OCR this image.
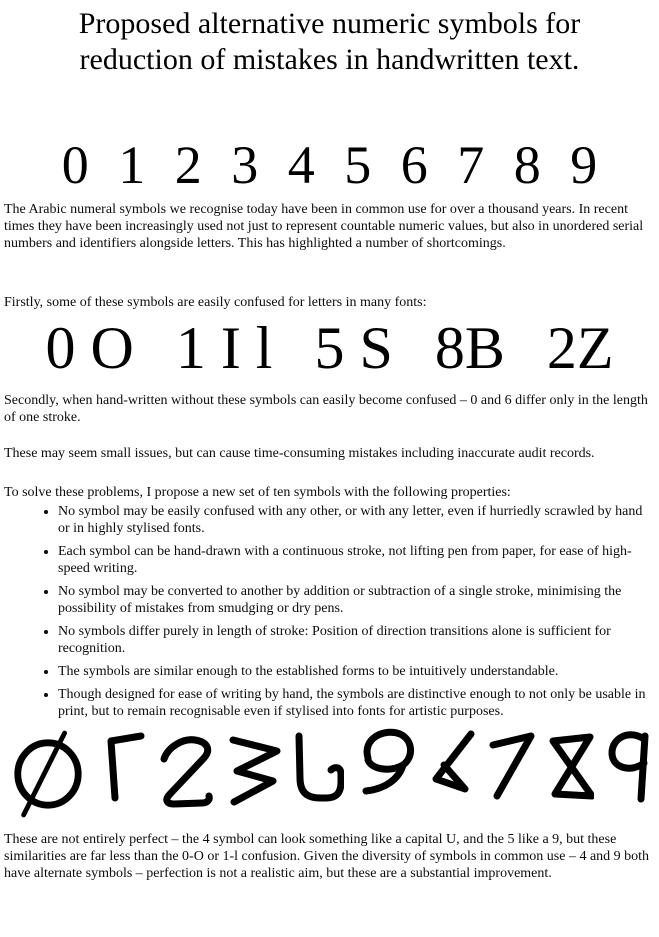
Proposed alternative numeric symbols for
reduction of mistakes in handwritten text.
0 1 2 3 4 5 6 7 8 9

The Arabic numeral symbols we recognise today have been in common use for over a thousand years. In recent times they have been increasingly used not just to represent countable numeric values, but also in unordered serial numbers and identifiers alongside letters. This has highlighted a number of shortcomings.

Firstly, some of these symbols are easily confused for letters in many fonts:

0 O 1 I l 5 S 8B 2Z

Secondly, when hand-written without these symbols can easily become confused – 0 and 6 differ only in the length of one stroke.

These may seem small issues, but can cause time-consuming mistakes including inaccurate audit records.

To solve these problems, I propose a new set of ten symbols with the following properties:

• No symbol may be easily confused with any other, or with any letter, even if hurriedly scrawled by hand or in highly stylised fonts.
• Each symbol can be hand-drawn with a continuous stroke, not lifting pen from paper, for ease of high-speed writing.
• No symbol may be converted to another by addition or subtraction of a single stroke, minimising the possibility of mistakes from smudging or dry pens.
• No symbols differ purely in length of stroke: Position of direction transitions alone is sufficient for recognition.
• The symbols are similar enough to the established forms to be intuitively understandable.
• Though designed for ease of writing by hand, the symbols are distinctive enough to not only be usable in print, but to remain recognisable even if stylised into fonts for artistic purposes.

These are not entirely perfect – the 4 symbol can look something like a capital U, and the 5 like a 9, but these similarities are far less than the 0-O or 1-l confusion. Given the diversity of symbols in common use – 4 and 9 both have alternate symbols – perfection is not a realistic aim, but these are a substantial improvement.
